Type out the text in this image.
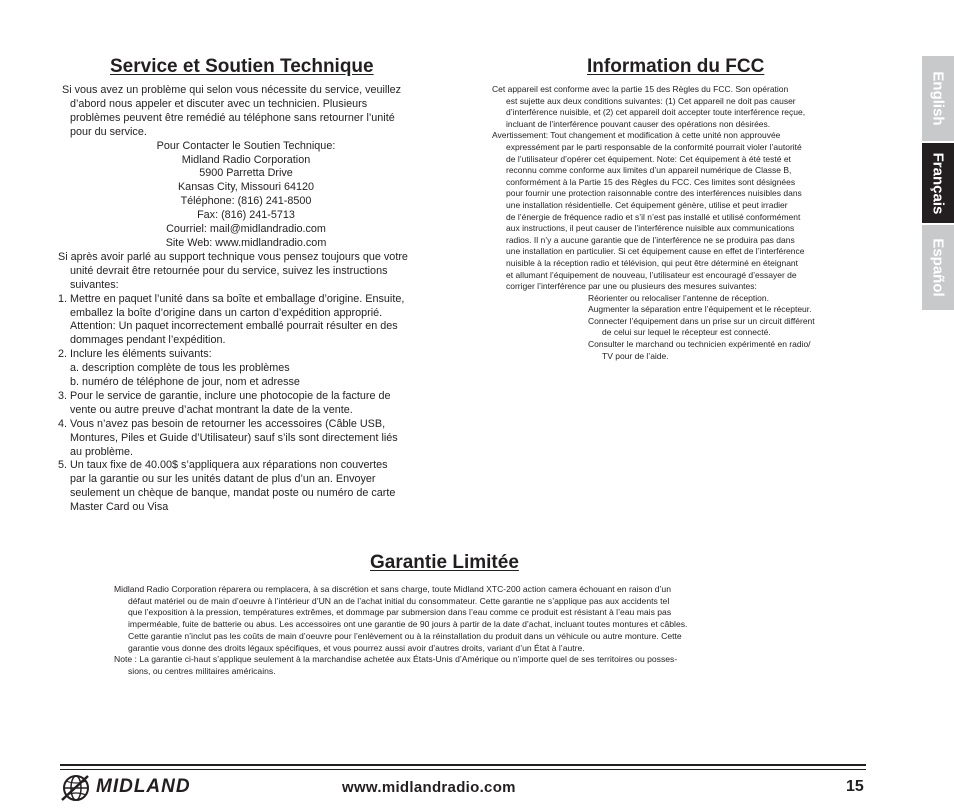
Service et Soutien Technique
Si vous avez un problème qui selon vous nécessite du service, veuillez
d’abord nous appeler et discuter avec un technicien. Plusieurs
problèmes peuvent être remédié au téléphone sans retourner l’unité
pour du service.
Pour Contacter le Soutien Technique:
Midland Radio Corporation
5900 Parretta Drive
Kansas City, Missouri 64120
Téléphone: (816) 241-8500
Fax: (816) 241-5713
Courriel: mail@midlandradio.com
Site Web: www.midlandradio.com
Si après avoir parlé au support technique vous pensez toujours que votre
unité devrait être retournée pour du service, suivez les instructions
suivantes:
1. Mettre en paquet l’unité dans sa boîte et emballage d’origine. Ensuite,
emballez la boîte d’origine dans un carton d’expédition approprié.
Attention: Un paquet incorrectement emballé pourrait résulter en des
dommages pendant l’expédition.
2. Inclure les éléments suivants:
a. description complète de tous les problèmes
b. numéro de téléphone de jour, nom et adresse
3. Pour le service de garantie, inclure une photocopie de la facture de
vente ou autre preuve d’achat montrant la date de la vente.
4. Vous n’avez pas besoin de retourner les accessoires (Câble USB,
Montures, Piles et Guide d’Utilisateur) sauf s’ils sont directement liés
au problème.
5. Un taux fixe de 40.00$ s’appliquera aux réparations non couvertes
par la garantie ou sur les unités datant de plus d’un an. Envoyer
seulement un chèque de banque, mandat poste ou numéro de carte
Master Card ou Visa
Information du FCC
Cet appareil est conforme avec la partie 15 des Règles du FCC. Son opération
est sujette aux deux conditions suivantes: (1) Cet appareil ne doit pas causer
d’interférence nuisible, et (2) cet appareil doit accepter toute interférence reçue,
incluant de l’interférence pouvant causer des opérations non désirées.
Avertissement: Tout changement et modification à cette unité non approuvée
expressément par le parti responsable de la conformité pourrait violer l’autorité
de l’utilisateur d’opérer cet équipement. Note: Cet équipement à été testé et
reconnu comme conforme aux limites d’un appareil numérique de Classe B,
conformément à la Partie 15 des Règles du FCC. Ces limites sont désignées
pour fournir une protection raisonnable contre des interférences nuisibles dans
une installation résidentielle. Cet équipement génère, utilise et peut irradier
de l’énergie de fréquence radio et s’il n’est pas installé et utilisé conformément
aux instructions, il peut causer de l’interférence nuisible aux communications
radios. Il n’y a aucune garantie que de l’interférence ne se produira pas dans
une installation en particulier. Si cet équipement cause en effet de l’interférence
nuisible à la réception radio et télévision, qui peut être déterminé en éteignant
et allumant l’équipement de nouveau, l’utilisateur est encouragé d’essayer de
corriger l’interférence par une ou plusieurs des mesures suivantes:
Réorienter ou relocaliser l’antenne de réception.
Augmenter la séparation entre l’équipement et le récepteur.
Connecter l’équipement dans un prise sur un circuit différent
de celui sur lequel le récepteur est connecté.
Consulter le marchand ou technicien expérimenté en radio/
TV pour de l’aide.
Garantie Limitée
Midland Radio Corporation réparera ou remplacera, à sa discrétion et sans charge, toute Midland XTC-200 action camera échouant en raison d’un
défaut matériel ou de main d’oeuvre à l’intérieur d’UN an de l’achat initial du consommateur. Cette garantie ne s’applique pas aux accidents tel
que l’exposition à la pression, températures extrêmes, et dommage par submersion dans l’eau comme ce produit est résistant à l’eau mais pas
imperméable, fuite de batterie ou abus. Les accessoires ont une garantie de 90 jours à partir de la date d’achat, incluant toutes montures et câbles.
Cette garantie n’inclut pas les coûts de main d’oeuvre pour l’enlèvement ou à la réinstallation du produit dans un véhicule ou autre monture. Cette
garantie vous donne des droits légaux spécifiques, et vous pourrez aussi avoir d’autres droits, variant d’un État à l’autre.
Note : La garantie ci-haut s’applique seulement à la marchandise achetée aux États-Unis d’Amérique ou n’importe quel de ses territoires ou posses-
sions, ou centres militaires américains.
English
Français
Español
MIDLAND	www.midlandradio.com	15
